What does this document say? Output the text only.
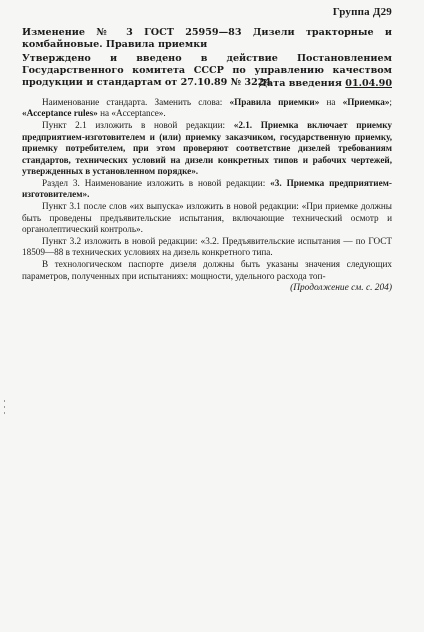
Группа Д29
Изменение № 3 ГОСТ 25959—83 Дизели тракторные и комбайновые. Правила приемки
Утверждено и введено в действие Постановлением Государственного комитета СССР по управлению качеством продукции и стандартам от 27.10.89 № 3224
Дата введения 01.04.90

Наименование стандарта. Заменить слова: «Правила приемки» на «Приемка»; «Acceptance rules» на «Acceptance».

Пункт 2.1 изложить в новой редакции: «2.1. Приемка включает приемку предприятием-изготовителем и (или) приемку заказчиком, государственную приемку, приемку потребителем, при этом проверяют соответствие дизелей требованиям стандартов, технических условий на дизели конкретных типов и рабочих чертежей, утвержденных в установленном порядке».

Раздел 3. Наименование изложить в новой редакции: «3. Приемка предприятием-изготовителем».

Пункт 3.1 после слов «их выпуска» изложить в новой редакции: «При приемке должны быть проведены предъявительские испытания, включающие технический осмотр и органолептический контроль».

Пункт 3.2 изложить в новой редакции: «3.2. Предъявительские испытания — по ГОСТ 18509—88 в технических условиях на дизель конкретного типа.

В технологическом паспорте дизеля должны быть указаны значения следующих параметров, полученных при испытаниях: мощности, удельного расхода топ-

(Продолжение см. с. 204)
